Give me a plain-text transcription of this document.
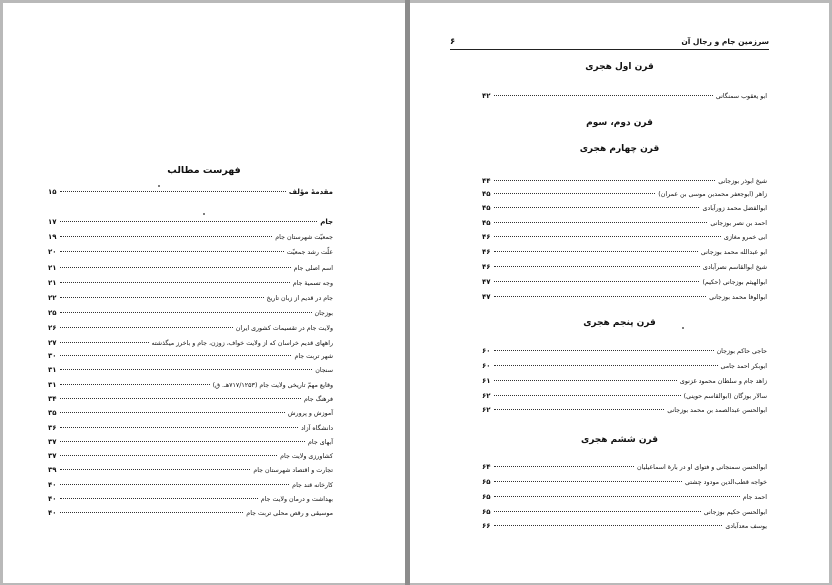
فهرست مطالب
مقدمهٔ مؤلف
۱۵
جام
۱۷
جمعیّت شهرستان جام
۱۹
علّت رشد جمعیّت
۲۰
اسم اصلی جام
۲۱
وجه تسمیهٔ جام
۲۱
جام در قدیم از زبان تاریخ
۲۲
بوزجان
۲۵
ولایت جام در تقسیمات کشوری ایران
۲۶
راههای قدیم خراسان که از ولایت خواف، زوزن، جام و باخرز میگذشته
۲۷
شهر تربت جام
۳۰
سنجان
۳۱
وقایع مهمّ تاریخی ولایت جام (۷۱۷/۱۲۵۳هـ. ق)
۳۱
فرهنگ جام
۳۴
آموزش و پرورش
۳۵
دانشگاه آزاد
۳۶
آبهای جام
۳۷
کشاورزی ولایت جام
۳۷
تجارت و اقتصاد شهرستان جام
۳۹
کارخانه قند جام
۴۰
بهداشت و درمان ولایت جام
۴۰
موسیقی و رقص محلی تربت جام
۴۰
۶	سرزمین جام و رجال آن
قرن اول هجری
ابو یعقوب سمنگانی
۴۲
قرن دوم، سوم
قرن چهارم هجری
شیخ ابوذر بوزجانی
۴۴
زاهر (ابوجعفر محمدبن موسی بن عمران)
۴۵
ابوالفضل محمد زورآبادی
۴۵
احمد بن نصر بوزجانی
۴۵
ابی خمرو مغازی
۴۶
ابو عبدالله محمد بوزجانی
۴۶
شیخ ابوالقاسم نصرآبادی
۴۶
ابوالهیثم بوزجانی (حکیم)
۴۷
ابوالوفا محمد بوزجانی
۴۷
قرن پنجم هجری
حاجی حاکم بوزجان
۶۰
ابوبکر احمد جامی
۶۰
زاهد جام و سلطان محمود غزنوی
۶۱
سالار بوزگان (ابوالقاسم حوینی)
۶۲
ابوالحسن عبدالصمد بن محمد بوزجانی
۶۲
قرن ششم هجری
ابوالحسن سمنجانی و فتوای او در بارهٔ اسماعیلیان
۶۴
خواجه قطب‌الدین مودود چشتی
۶۵
احمد جام
۶۵
ابوالحسن حکیم بوزجانی
۶۵
یوسف معدآبادی
۶۶
